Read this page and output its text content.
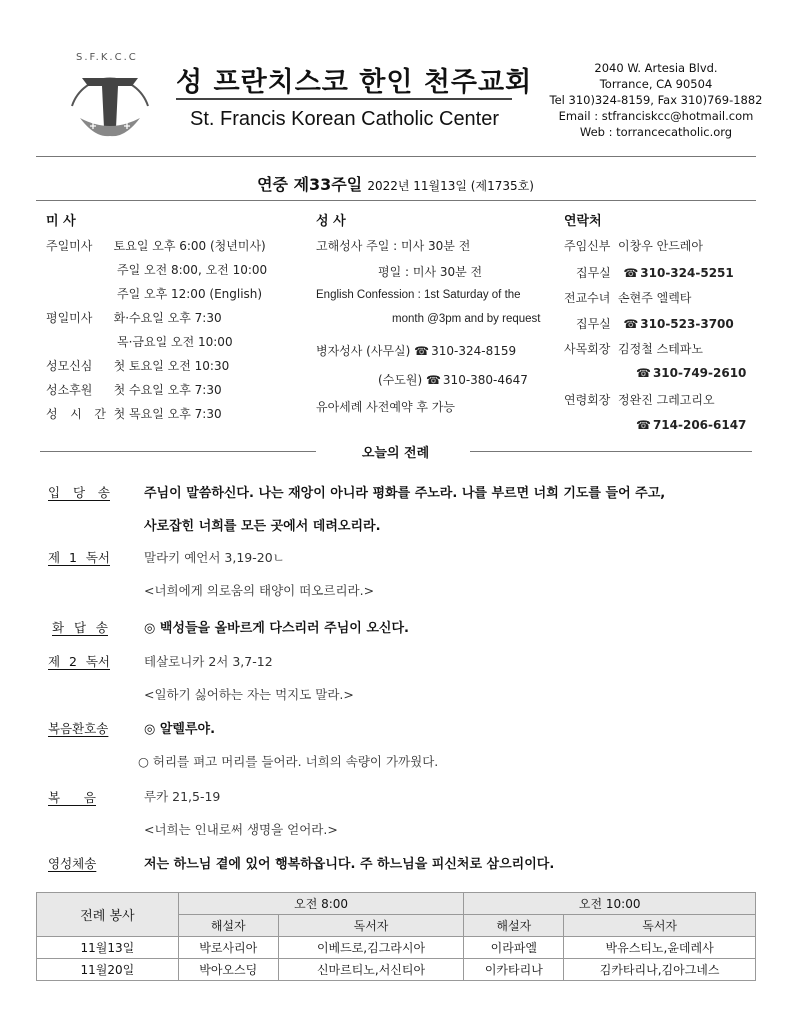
S.F.K.C.C
성 프란치스코 한인 천주교회
St. Francis Korean Catholic Center
2040 W. Artesia Blvd.
Torrance, CA 90504
Tel 310)324-8159, Fax 310)769-1882
Email : stfranciskcc@hotmail.com
Web : torrancecatholic.org
연중 제33주일 2022년 11월13일 (제1735호)
미 사
주일미사 토요일 오후 6:00 (청년미사)
주일 오전 8:00, 오전 10:00
주일 오후 12:00 (English)
평일미사 화·수요일 오후 7:30
목·금요일 오전 10:00
성모신심 첫 토요일 오전 10:30
성소후원 첫 수요일 오후 7:30
성 시 간 첫 목요일 오후 7:30
성 사
고해성사 주일 : 미사 30분 전
평일 : 미사 30분 전
English Confession : 1st Saturday of the
month @3pm and by request
병자성사 (사무실) ☎ 310-324-8159
(수도원) ☎ 310-380-4647
유아세례 사전예약 후 가능
연락처
주임신부 이창우 안드레아
집무실 ☎ 310-324-5251
전교수녀 손현주 엘렉타
집무실 ☎ 310-523-3700
사목회장 김정철 스테파노
☎ 310-749-2610
연령회장 정완진 그레고리오
☎ 714-206-6147
오늘의 전례
입 당 송	주님이 말씀하신다. 나는 재앙이 아니라 평화를 주노라. 나를 부르면 너희 기도를 들어 주고,
사로잡힌 너희를 모든 곳에서 데려오리라.
제 1 독서	말라키 예언서 3,19-20ㄴ
<너희에게 의로움의 태양이 떠오르리라.>
화 답 송	◎ 백성들을 올바르게 다스리러 주님이 오신다.
제 2 독서	테살로니카 2서 3,7-12
<일하기 싫어하는 자는 먹지도 말라.>
복음환호송	◎ 알렐루야.
○ 허리를 펴고 머리를 들어라. 너희의 속량이 가까웠다.
복 음	루카 21,5-19
<너희는 인내로써 생명을 얻어라.>
영성체송	저는 하느님 곁에 있어 행복하옵니다. 주 하느님을 피신처로 삼으리이다.
전례 봉사	오전 8:00		오전 10:00	
	해설자	독서자	해설자	독서자
11월13일	박로사리아	이베드로,김그라시아	이라파엘	박유스티노,윤데레사
11월20일	박아오스딩	신마르티노,서신티아	이카타리나	김카타리나,김아그네스
